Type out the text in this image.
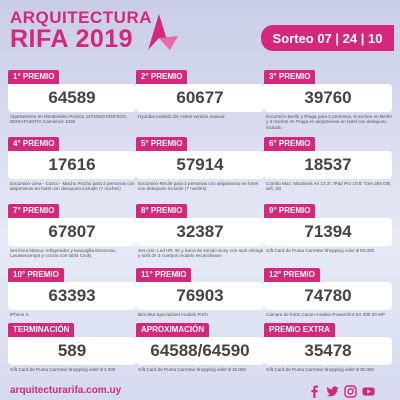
ARQUITECTURA
RIFA 2019	Sorteo 07 | 24 | 10
1° PREMIO
64589
Apartamento en Montevideo-Pocitos 1472/503 EDIFICIO BEIRAPUERTA Caminhos 1035
2° PREMIO
60677
Hyundai modelo i20 Active versión manual
3° PREMIO
39760
Excursión Berlín y Praga para 2 personas, 6 noches en Berlín y 4 noches en Praga en alojamiento en hotel con desayuno incluido
4° PREMIO
17616
Excursión Lima - Cuzco - Machu Picchu para 2 personas con alojamiento en hotel con desayuno incluido (7 noches)
5° PREMIO
57914
Excursión Recife para 2 personas con alojamiento en hotel con desayuno incluido (7 noches)
6° PREMIO
18537
Combo Mac: MacBook Air 13.3", iPad Pro 10.5" Gen 256 GB, wifi, 4G
7° PREMIO
67807
Set línea blanca: refrigerador y lavavajilla Electrolux, Lavasecarropa y cocina con tabla Cindy
8° PREMIO
32387
Set cine: Led HP, 4K y barra de sonido Sony con rack vintage y sofá de 3 cuerpos modelo escandinavo
9° PREMIO
71394
Gift Card de Punta Carretas Shopping valor $ 50.000
10° PREMIO
63393
iPhone X
11° PREMIO
76903
Bicicleta Specialized modelo Pitch
12° PREMIO
74780
Cámara de fotos Canon modelo Powershot SX 430 20 MP
TERMINACIÓN
589
Gift Card de Punta Carretas Shopping valor $ 4.000
APROXIMACIÓN
64588/64590
Gift Card de Punta Carretas Shopping valor $ 15.000
PREMIO EXTRA
35478
Gift Card de Punta Carretas Shopping valor $ 30.000
arquitecturarifa.com.uy
